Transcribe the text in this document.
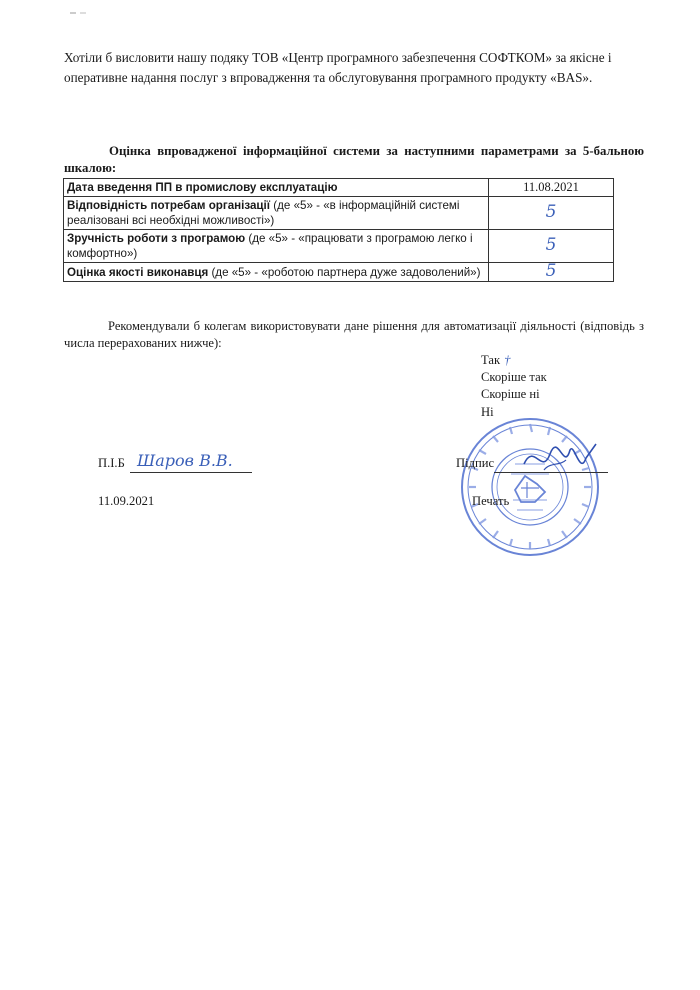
Хотіли б висловити нашу подяку ТОВ «Центр програмного забезпечення СОФТКОМ» за якісне і оперативне надання послуг з впровадження та обслуговування програмного продукту «BAS».
Оцінка впровадженої інформаційної системи за наступними параметрами за 5-бальною шкалою:
Дата введення ПП в промислову експлуатацію	11.08.2021
Відповідність потребам організації (де «5» - «в інформаційній системі реалізовані всі необхідні можливості»)	5
Зручність роботи з програмою (де «5» - «працювати з програмою легко і комфортно»)	5
Оцінка якості виконавця (де «5» - «роботою партнера дуже задоволений»)	5
Рекомендували б колегам використовувати дане рішення для автоматизації діяльності (відповідь з числа перерахованих нижче):
Так †
Скоріше так
Скоріше ні
Ні
П.І.Б Шаров В.В.
11.09.2021
Підпис
Печать
